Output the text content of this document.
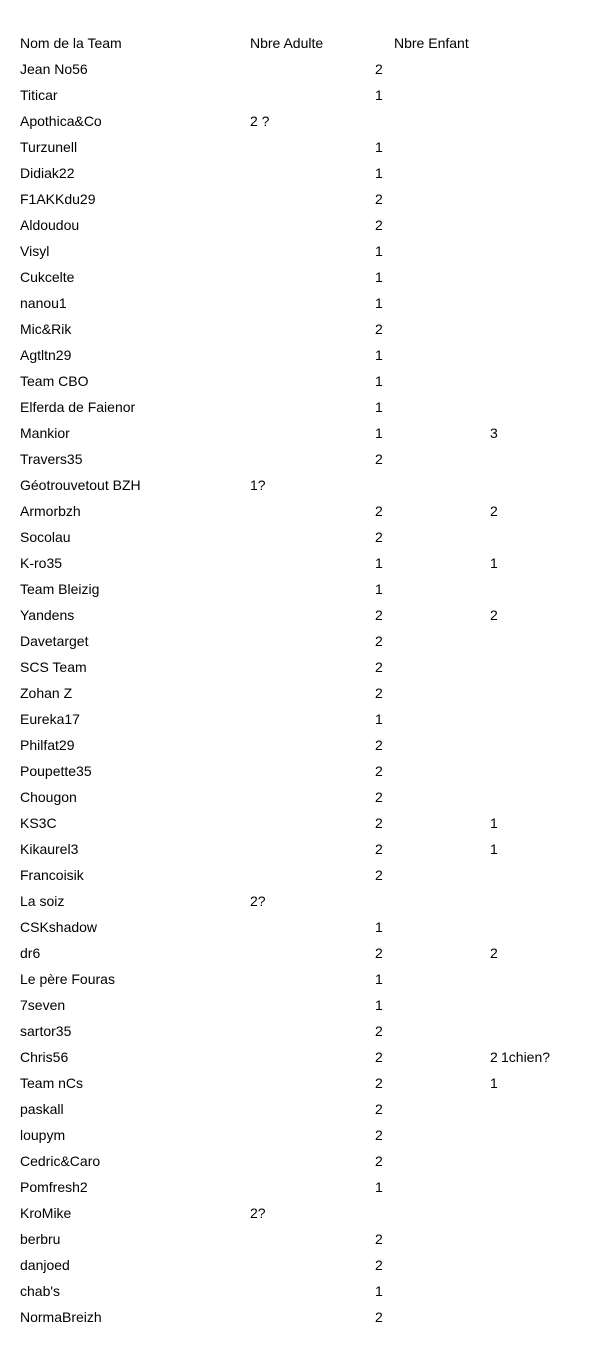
Nom de la Team	Nbre Adulte	Nbre Enfant
Jean No56	2
Titicar	1
Apothica&Co	2 ?
Turzunell	1
Didiak22	1
F1AKKdu29	2
Aldoudou	2
Visyl	1
Cukcelte	1
nanou1	1
Mic&Rik	2
Agtltn29	1
Team CBO	1
Elferda de Faienor	1
Mankior	1	3
Travers35	2
Géotrouvetout BZH	1?
Armorbzh	2	2
Socolau	2
K-ro35	1	1
Team Bleizig	1
Yandens	2	2
Davetarget	2
SCS Team	2
Zohan Z	2
Eureka17	1
Philfat29	2
Poupette35	2
Chougon	2
KS3C	2	1
Kikaurel3	2	1
Francoisik	2
La soiz	2?
CSKshadow	1
dr6	2	2
Le père Fouras	1
7seven	1
sartor35	2
Chris56	2	2 1chien?
Team nCs	2	1
paskall	2
loupym	2
Cedric&Caro	2
Pomfresh2	1
KroMike	2?
berbru	2
danjoed	2
chab's	1
NormaBreizh	2
